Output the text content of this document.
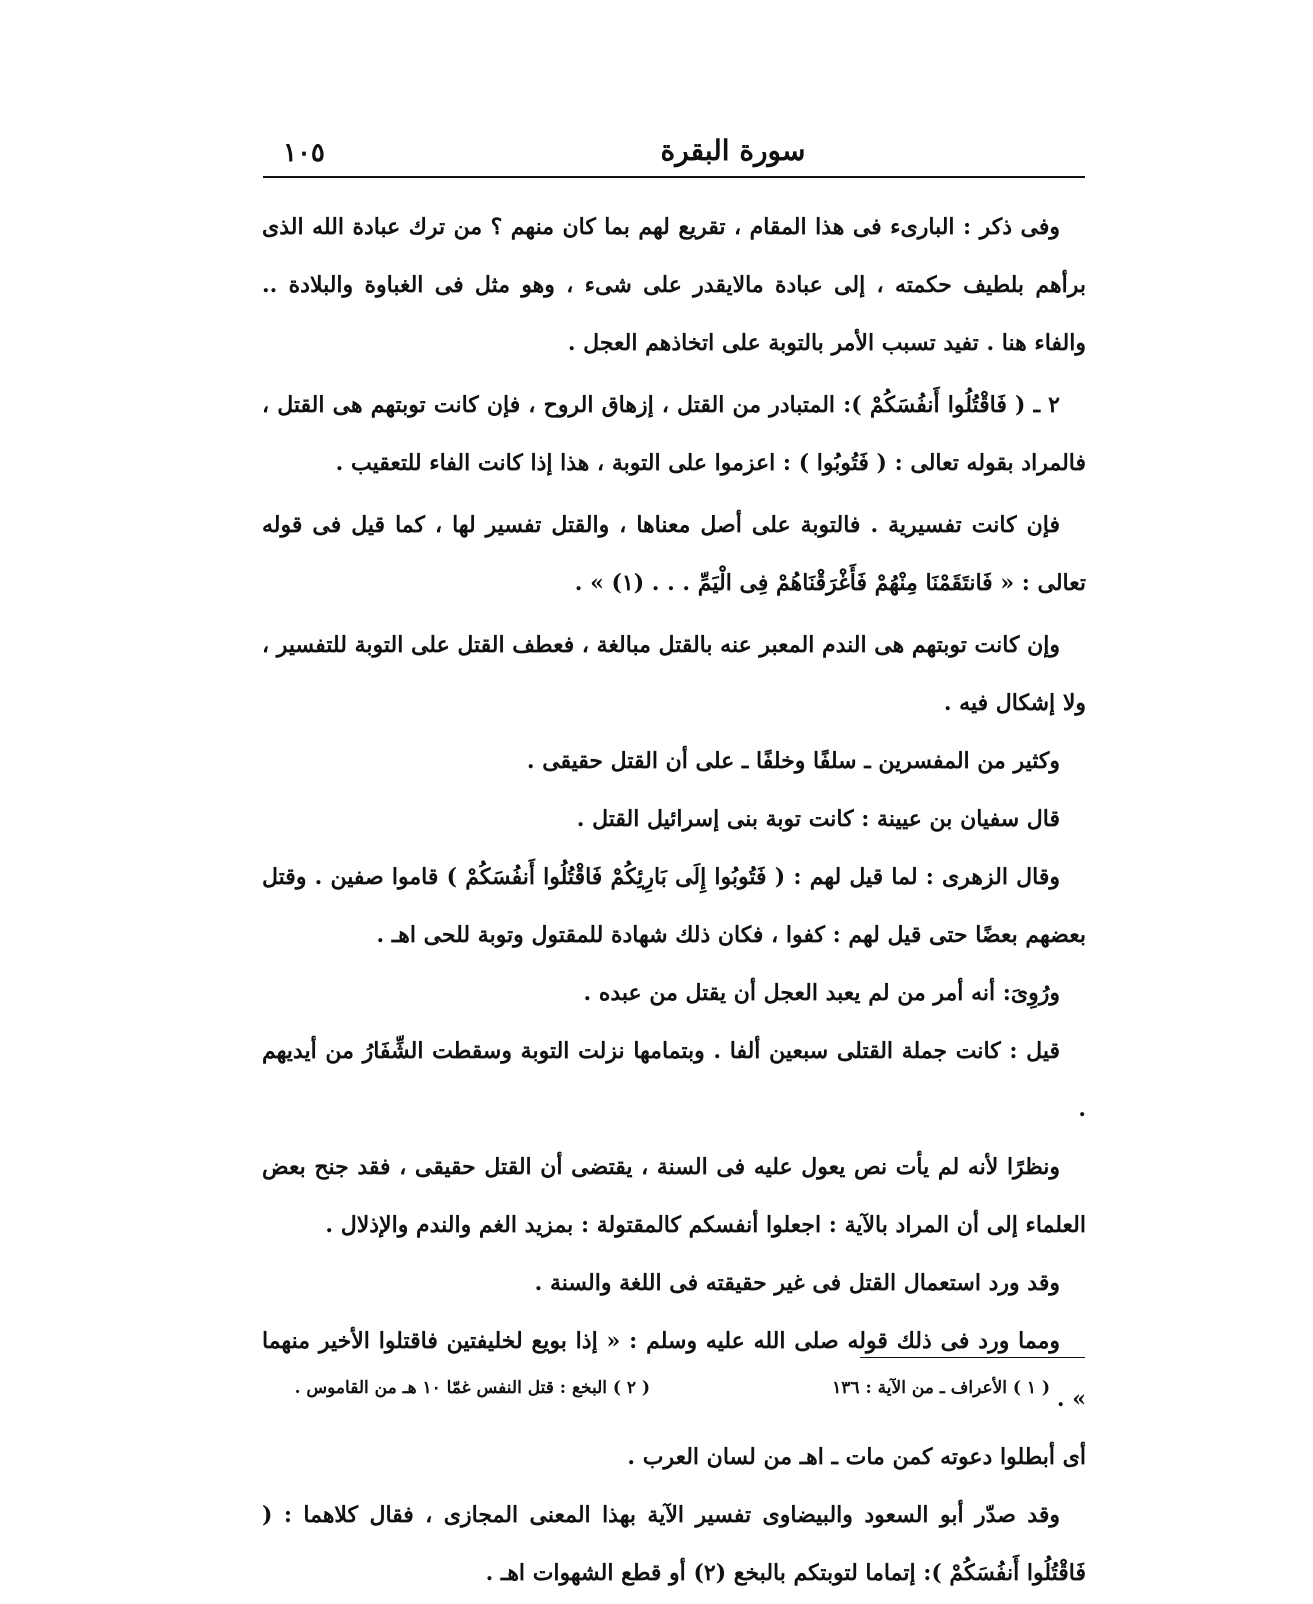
١٠٥	سورة البقرة

وفى ذكر : البارىء فى هذا المقام ، تقريع لهم بما كان منهم ؟ من ترك عبادة الله الذى برأهم بلطيف حكمته ، إلى عبادة مالايقدر على شىء ، وهو مثل فى الغباوة والبلادة .. والفاء هنا . تفيد تسبب الأمر بالتوبة على اتخاذهم العجل .

٢ ـ ( فَاقْتُلُوا أَنفُسَكُمْ ): المتبادر من القتل ، إزهاق الروح ، فإن كانت توبتهم هى القتل ، فالمراد بقوله تعالى : ( فَتُوبُوا ) : اعزموا على التوبة ، هذا إذا كانت الفاء للتعقيب .

فإن كانت تفسيرية . فالتوبة على أصل معناها ، والقتل تفسير لها ، كما قيل فى قوله تعالى : « فَانتَقَمْنَا مِنْهُمْ فَأَغْرَقْنَاهُمْ فِى الْيَمِّ . . . (١) » .

وإن كانت توبتهم هى الندم المعبر عنه بالقتل مبالغة ، فعطف القتل على التوبة للتفسير ، ولا إشكال فيه .

وكثير من المفسرين ـ سلفًا وخلفًا ـ على أن القتل حقيقى .

قال سفيان بن عيينة : كانت توبة بنى إسرائيل القتل .

وقال الزهرى : لما قيل لهم : ( فَتُوبُوا إِلَى بَارِئِكُمْ فَاقْتُلُوا أَنفُسَكُمْ ) قاموا صفين . وقتل بعضهم بعضًا حتى قيل لهم : كفوا ، فكان ذلك شهادة للمقتول وتوبة للحى اهـ .

ورُوِىَ: أنه أمر من لم يعبد العجل أن يقتل من عبده .

قيل : كانت جملة القتلى سبعين ألفا . وبتمامها نزلت التوبة وسقطت الشِّفَارُ من أيديهم .

ونظرًا لأنه لم يأت نص يعول عليه فى السنة ، يقتضى أن القتل حقيقى ، فقد جنح بعض العلماء إلى أن المراد بالآية : اجعلوا أنفسكم كالمقتولة : بمزيد الغم والندم والإذلال .

وقد ورد استعمال القتل فى غير حقيقته فى اللغة والسنة .

ومما ورد فى ذلك قوله صلى الله عليه وسلم : « إذا بويع لخليفتين فاقتلوا الأخير منهما » .

أى أبطلوا دعوته كمن مات ـ اهـ من لسان العرب .

وقد صدّر أبو السعود والبيضاوى تفسير الآية بهذا المعنى المجازى ، فقال كلاهما : ( فَاقْتُلُوا أَنفُسَكُمْ ): إتماما لتوبتكم بالبخع (٢) أو قطع الشهوات اهـ .

( ١ ) الأعراف ـ من الآية : ١٣٦
( ٢ ) البخع : قتل النفس غمّا ١٠ هـ من القاموس .
